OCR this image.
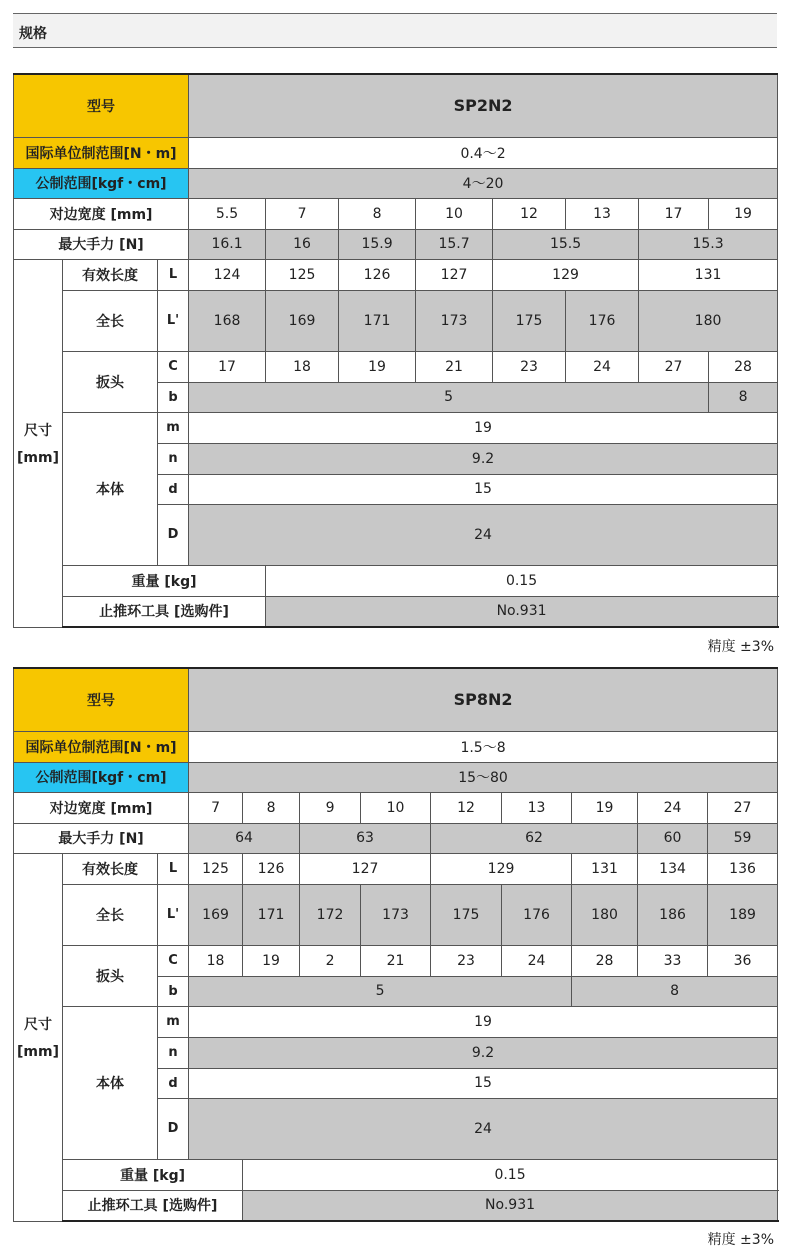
规格
型号			SP2N2							
国际单位制范围[N・m]			0.4～2							
公制范围[kgf・cm]			4～20							
对边宽度 [mm]			5.5	7	8	10	12	13	17	19
最大手力 [N]			16.1	16	15.9	15.7	15.5		15.3	

尺寸
[mm]	有效长度	L	124	125	126	127	129		131	
	全长	L'	168	169	171	173	175	176	180	
	扳头	C	17	18	19	21	23	24	27	28
		b	5							8
	本体	m	19							
		n	9.2							
		d	15							
		D	24							
	重量 [kg]			0.15						
	止推环工具 [选购件]			No.931						
精度 ±3%
型号			SP8N2								
国际单位制范围[N・m]			1.5～8								
公制范围[kgf・cm]			15～80								
对边宽度 [mm]			7	8	9	10	12	13	19	24	27
最大手力 [N]			64		63		62			60	59

尺寸
[mm]	有效长度	L	125	126	127		129		131	134	136
	全长	L'	169	171	172	173	175	176	180	186	189
	扳头	C	18	19	2	21	23	24	28	33	36
		b	5						8		
	本体	m	19								
		n	9.2								
		d	15								
		D	24								
	重量 [kg]			0.15							
	止推环工具 [选购件]			No.931							
精度 ±3%
